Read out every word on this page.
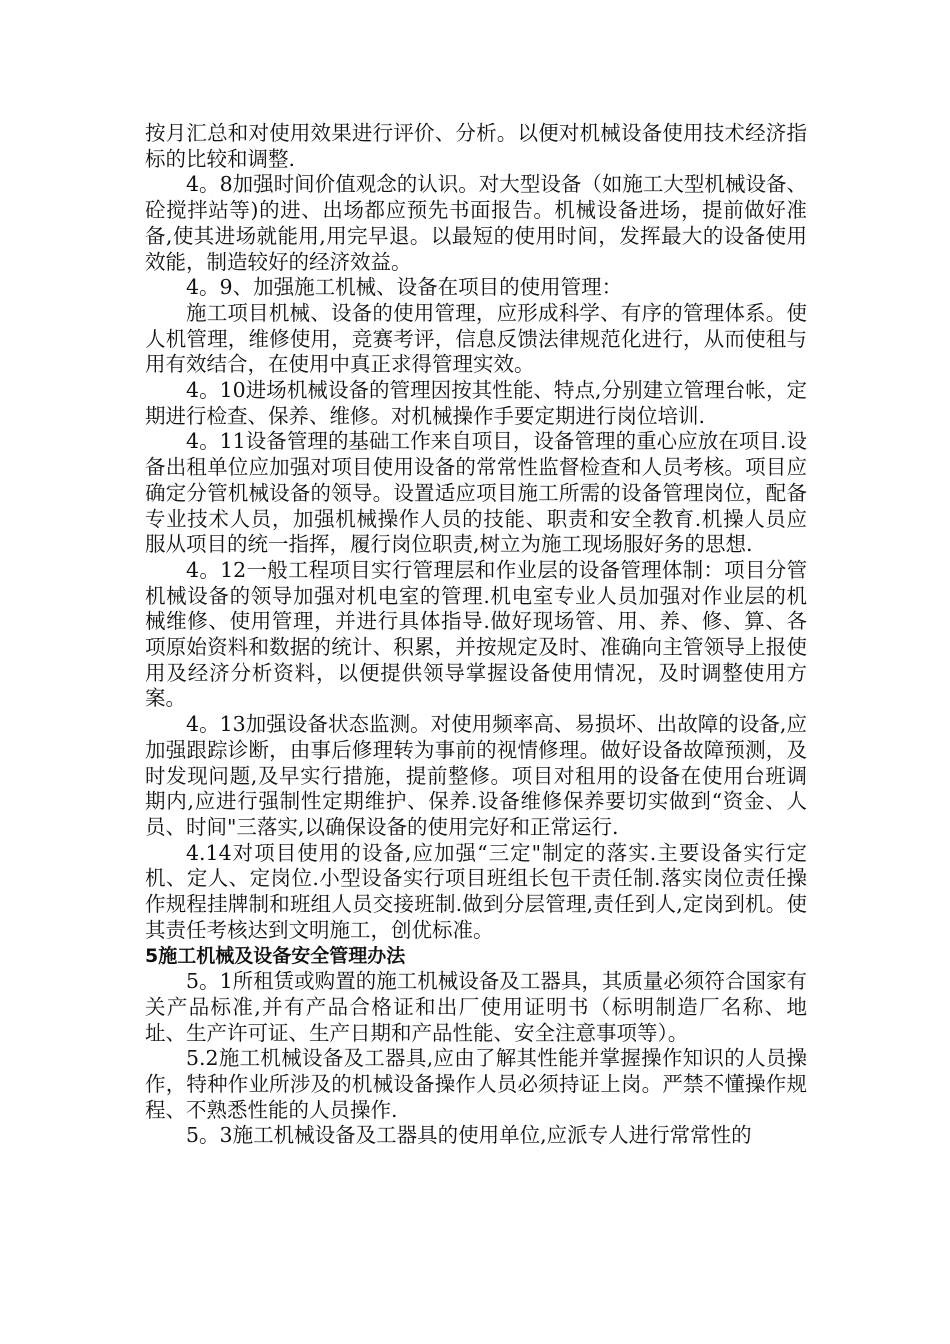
按月汇总和对使用效果进行评价、分析。以便对机械设备使用技术经济指标的比较和调整.

4。8加强时间价值观念的认识。对大型设备（如施工大型机械设备、砼搅拌站等)的进、出场都应预先书面报告。机械设备进场，提前做好准备,使其进场就能用,用完早退。以最短的使用时间，发挥最大的设备使用效能，制造较好的经济效益。

4。9、加强施工机械、设备在项目的使用管理：

施工项目机械、设备的使用管理，应形成科学、有序的管理体系。使人机管理，维修使用，竞赛考评，信息反馈法律规范化进行，从而使租与用有效结合，在使用中真正求得管理实效。

4。10进场机械设备的管理因按其性能、特点,分别建立管理台帐，定期进行检查、保养、维修。对机械操作手要定期进行岗位培训.

4。11设备管理的基础工作来自项目，设备管理的重心应放在项目.设备出租单位应加强对项目使用设备的常常性监督检查和人员考核。项目应确定分管机械设备的领导。设置适应项目施工所需的设备管理岗位，配备专业技术人员，加强机械操作人员的技能、职责和安全教育.机操人员应服从项目的统一指挥，履行岗位职责,树立为施工现场服好务的思想.

4。12一般工程项目实行管理层和作业层的设备管理体制：项目分管机械设备的领导加强对机电室的管理.机电室专业人员加强对作业层的机械维修、使用管理，并进行具体指导.做好现场管、用、养、修、算、各项原始资料和数据的统计、积累，并按规定及时、准确向主管领导上报使用及经济分析资料，以便提供领导掌握设备使用情况，及时调整使用方案。

4。13加强设备状态监测。对使用频率高、易损坏、出故障的设备,应加强跟踪诊断，由事后修理转为事前的视情修理。做好设备故障预测，及时发现问题,及早实行措施，提前整修。项目对租用的设备在使用台班调期内,应进行强制性定期维护、保养.设备维修保养要切实做到“资金、人员、时间"三落实,以确保设备的使用完好和正常运行.

4.14对项目使用的设备,应加强“三定"制定的落实.主要设备实行定机、定人、定岗位.小型设备实行项目班组长包干责任制.落实岗位责任操作规程挂牌制和班组人员交接班制.做到分层管理,责任到人,定岗到机。使其责任考核达到文明施工，创优标准。

5施工机械及设备安全管理办法

5。1所租赁或购置的施工机械设备及工器具，其质量必须符合国家有关产品标准,并有产品合格证和出厂使用证明书（标明制造厂名称、地址、生产许可证、生产日期和产品性能、安全注意事项等）。

5.2施工机械设备及工器具,应由了解其性能并掌握操作知识的人员操作，特种作业所涉及的机械设备操作人员必须持证上岗。严禁不懂操作规程、不熟悉性能的人员操作.

5。3施工机械设备及工器具的使用单位,应派专人进行常常性的
